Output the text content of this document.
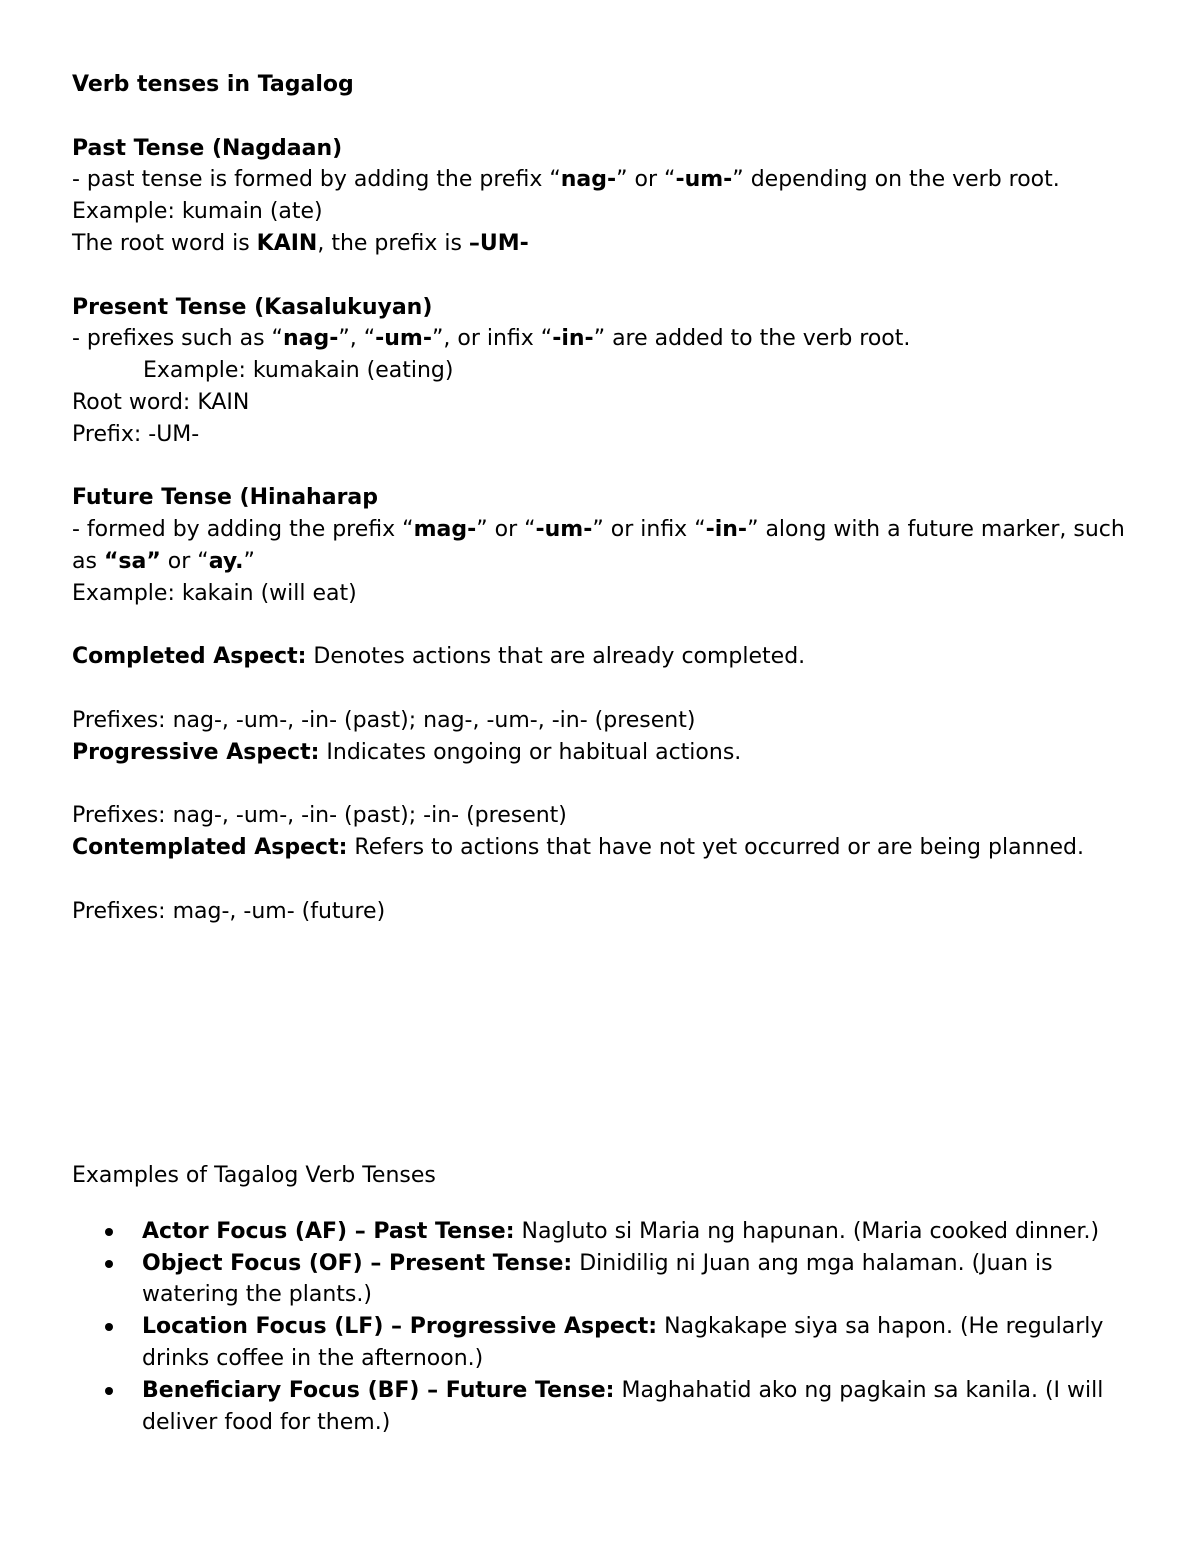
Verb tenses in Tagalog

Past Tense (Nagdaan)

- past tense is formed by adding the prefix “nag-” or “-um-” depending on the verb root.

Example: kumain (ate)

The root word is KAIN, the prefix is –UM-

Present Tense (Kasalukuyan)

- prefixes such as “nag-”, “-um-”, or infix “-in-” are added to the verb root.

Example: kumakain (eating)

Root word: KAIN

Prefix: -UM-

Future Tense (Hinaharap

- formed by adding the prefix “mag-” or “-um-” or infix “-in-” along with a future marker, such as “sa” or “ay.”

Example: kakain (will eat)

Completed Aspect: Denotes actions that are already completed.

Prefixes: nag-, -um-, -in- (past); nag-, -um-, -in- (present)

Progressive Aspect: Indicates ongoing or habitual actions.

Prefixes: nag-, -um-, -in- (past); -in- (present)

Contemplated Aspect: Refers to actions that have not yet occurred or are being planned.

Prefixes: mag-, -um- (future)

Examples of Tagalog Verb Tenses

Actor Focus (AF) – Past Tense: Nagluto si Maria ng hapunan. (Maria cooked dinner.)
Object Focus (OF) – Present Tense: Dinidilig ni Juan ang mga halaman. (Juan is watering the plants.)
Location Focus (LF) – Progressive Aspect: Nagkakape siya sa hapon. (He regularly drinks coffee in the afternoon.)
Beneficiary Focus (BF) – Future Tense: Maghahatid ako ng pagkain sa kanila. (I will deliver food for them.)
